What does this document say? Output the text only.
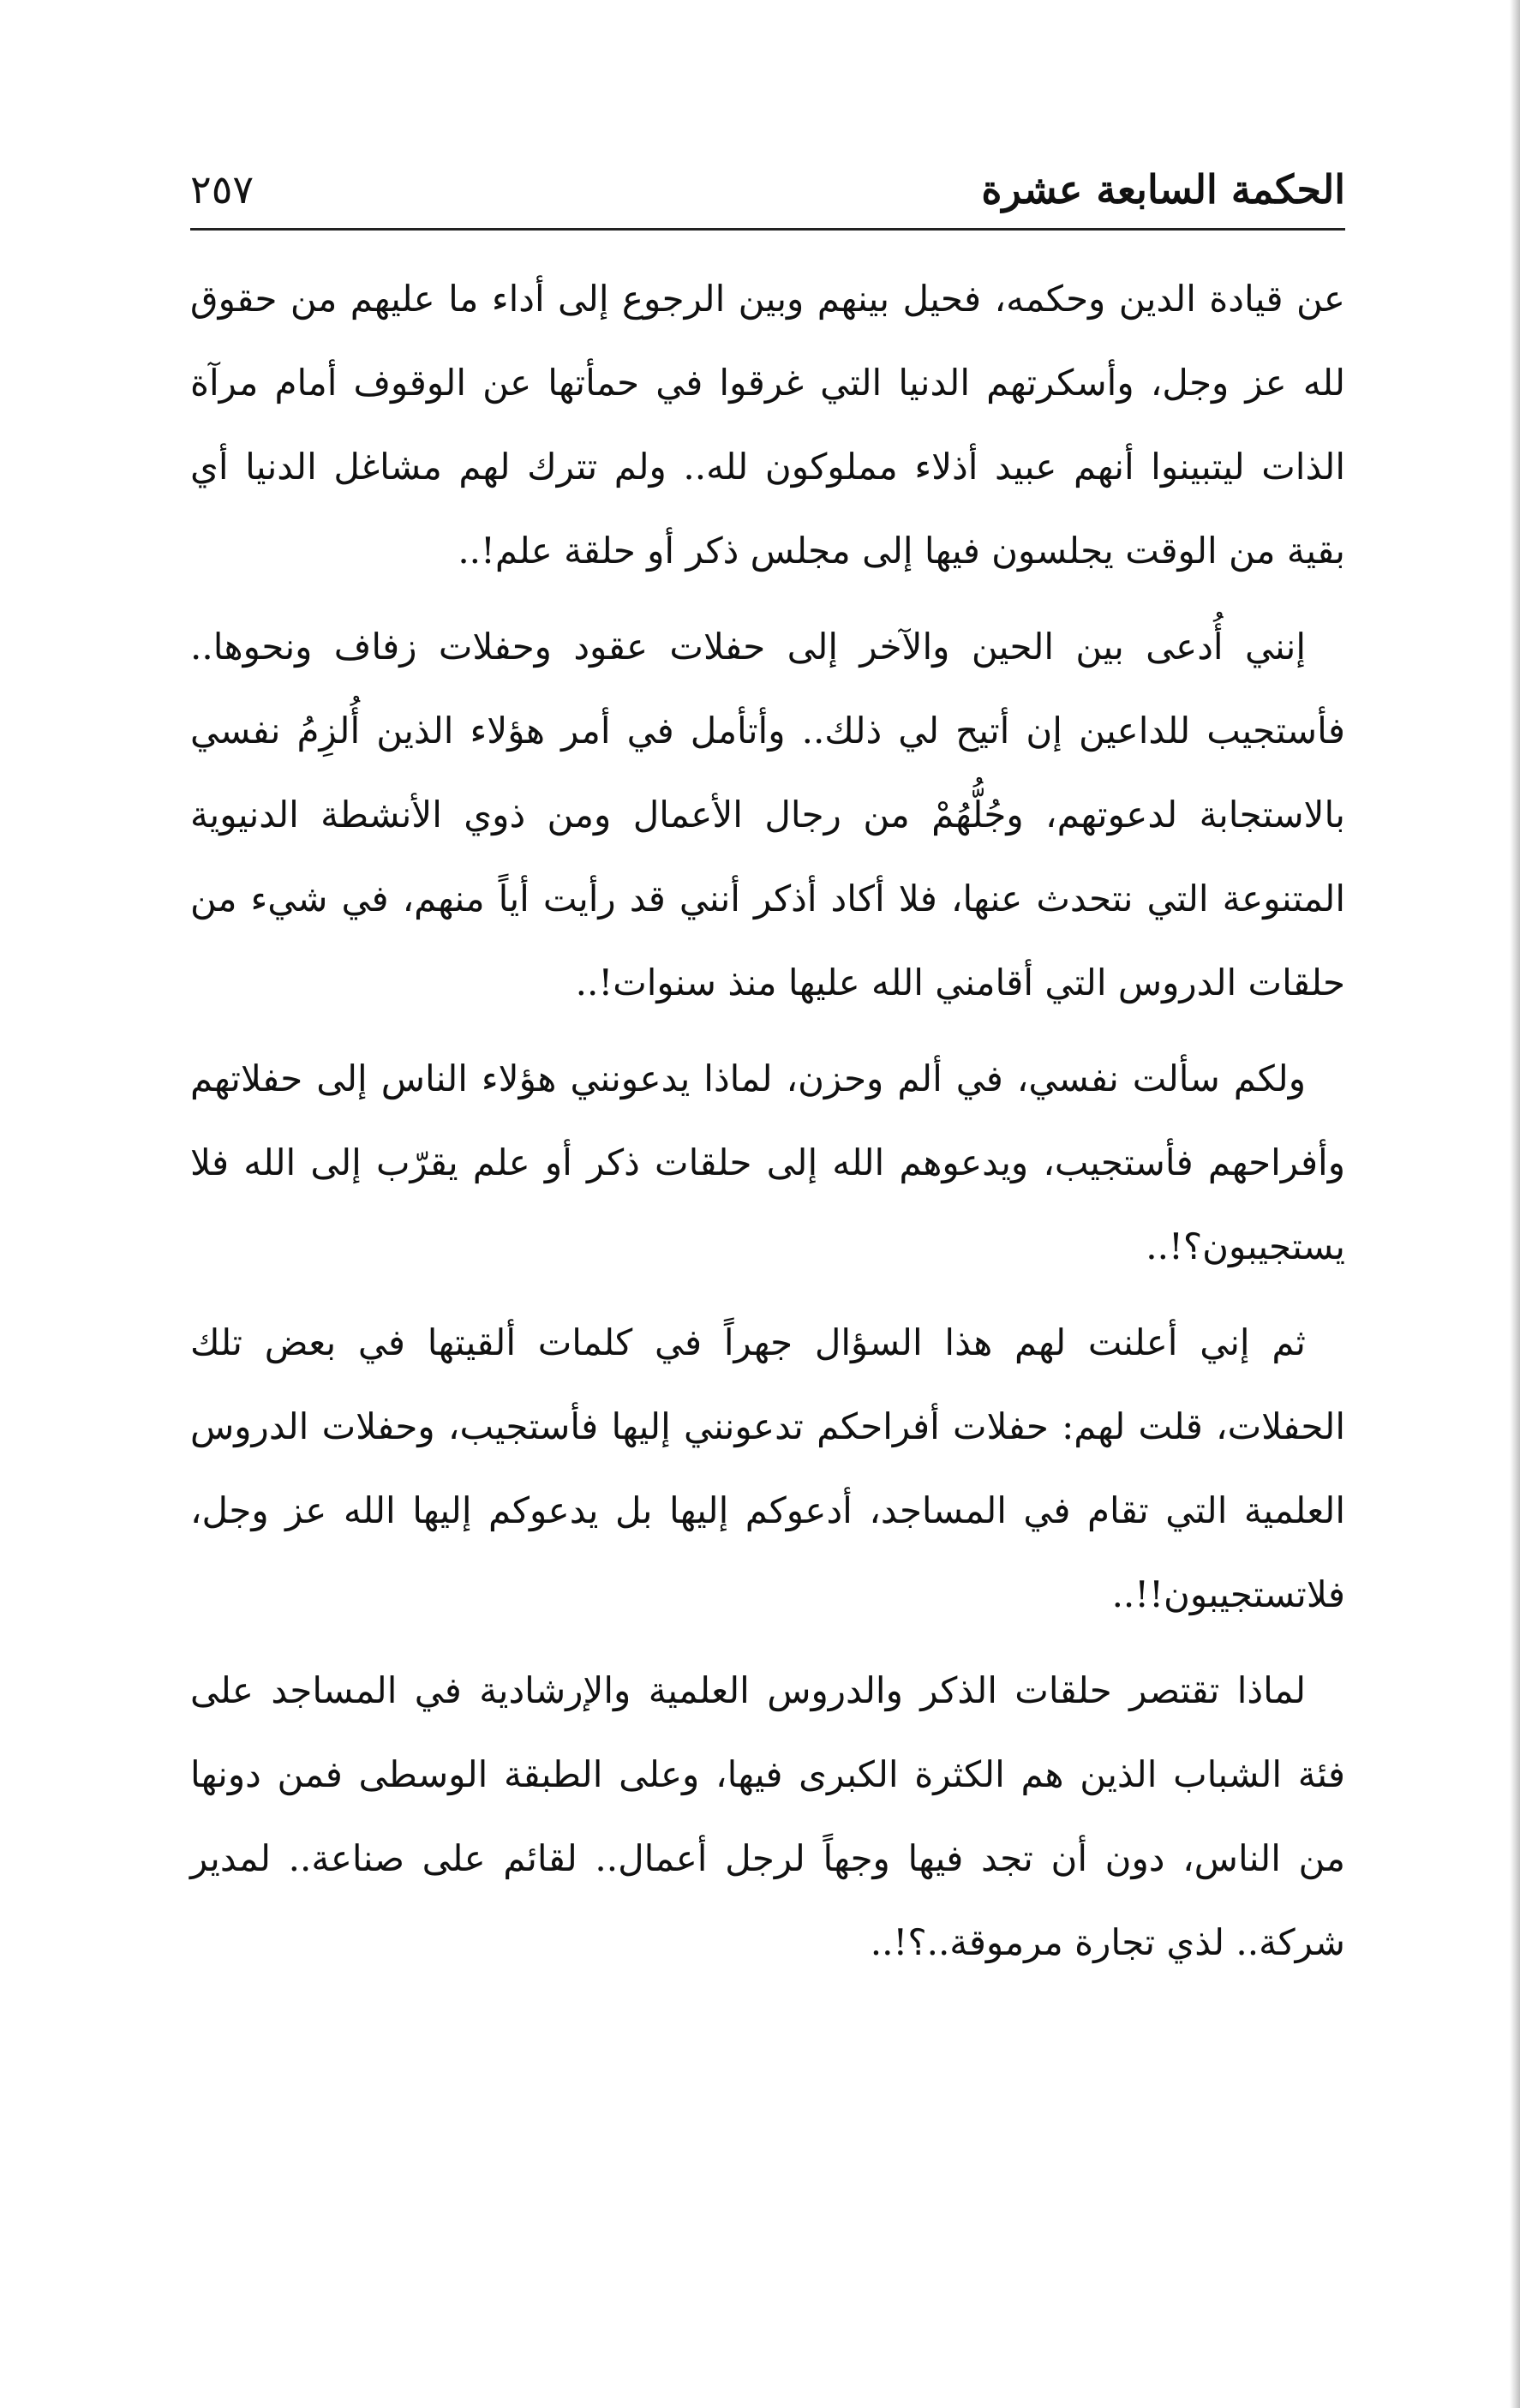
الحكمة السابعة عشرة
٢٥٧

عن قيادة الدين وحكمه، فحيل بينهم وبين الرجوع إلى أداء ما عليهم من حقوق لله عز وجل، وأسكرتهم الدنيا التي غرقوا في حمأتها عن الوقوف أمام مرآة الذات ليتبينوا أنهم عبيد أذلاء مملوكون لله.. ولم تترك لهم مشاغل الدنيا أي بقية من الوقت يجلسون فيها إلى مجلس ذكر أو حلقة علم!..

إنني أُدعى بين الحين والآخر إلى حفلات عقود وحفلات زفاف ونحوها.. فأستجيب للداعين إن أتيح لي ذلك.. وأتأمل في أمر هؤلاء الذين أُلزِمُ نفسي بالاستجابة لدعوتهم، وجُلُّهُمْ من رجال الأعمال ومن ذوي الأنشطة الدنيوية المتنوعة التي نتحدث عنها، فلا أكاد أذكر أنني قد رأيت أياً منهم، في شيء من حلقات الدروس التي أقامني الله عليها منذ سنوات!..

ولكم سألت نفسي، في ألم وحزن، لماذا يدعونني هؤلاء الناس إلى حفلاتهم وأفراحهم فأستجيب، ويدعوهم الله إلى حلقات ذكر أو علم يقرّب إلى الله فلا يستجيبون؟!..

ثم إني أعلنت لهم هذا السؤال جهراً في كلمات ألقيتها في بعض تلك الحفلات، قلت لهم: حفلات أفراحكم تدعونني إليها فأستجيب، وحفلات الدروس العلمية التي تقام في المساجد، أدعوكم إليها بل يدعوكم إليها الله عز وجل، فلاتستجيبون!!..

لماذا تقتصر حلقات الذكر والدروس العلمية والإرشادية في المساجد على فئة الشباب الذين هم الكثرة الكبرى فيها، وعلى الطبقة الوسطى فمن دونها من الناس، دون أن تجد فيها وجهاً لرجل أعمال.. لقائم على صناعة.. لمدير شركة.. لذي تجارة مرموقة..؟!..
